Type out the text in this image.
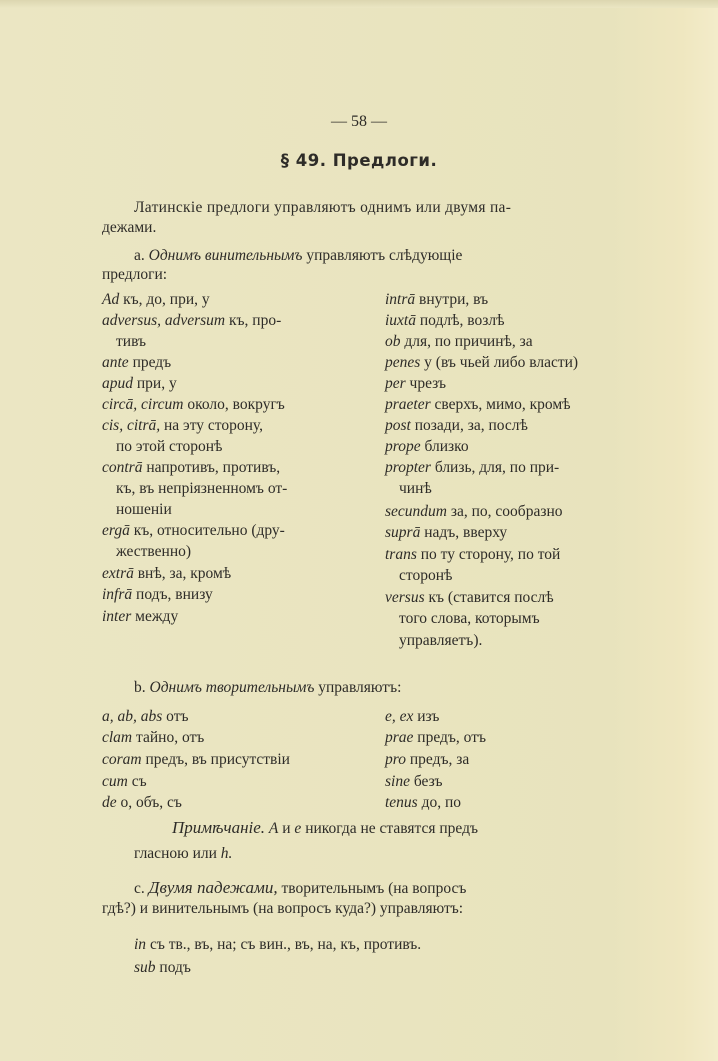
— 58 —
§ 49. Предлоги.
Латинскіе предлоги управляютъ однимъ или двумя па-
дежами.
a. Однимъ винительнымъ управляютъ слѣдующіе
предлоги:
Ad къ, до, при, у
adversus, adversum къ, про-
тивъ
ante предъ
apud при, у
circā, circum около, вокругъ
cis, citrā, на эту сторону,
по этой сторонѣ
contrā напротивъ, противъ,
къ, въ непріязненномъ от-
ношеніи
ergā къ, относительно (дру-
жественно)
extrā внѣ, за, кромѣ
infrā подъ, внизу
inter между
intrā внутри, въ
iuxtā подлѣ, возлѣ
ob для, по причинѣ, за
penes у (въ чьей либо власти)
per чрезъ
praeter сверхъ, мимо, кромѣ
post позади, за, послѣ
prope близко
propter близь, для, по при-
чинѣ
secundum за, по, сообразно
suprā надъ, вверху
trans по ту сторону, по той
сторонѣ
versus къ (ставится послѣ
того слова, которымъ
управляетъ).
b. Однимъ творительнымъ управляютъ:
a, ab, abs отъ
clam тайно, отъ
coram предъ, въ присутствіи
cum съ
de о, объ, съ
e, ex изъ
prae предъ, отъ
pro предъ, за
sine безъ
tenus до, по
Примѣчаніе. A и e никогда не ставятся предъ
гласною или h.
c. Двумя падежами, творительнымъ (на вопросъ
гдѣ?) и винительнымъ (на вопросъ куда?) управляютъ:
in съ тв., въ, на; съ вин., въ, на, къ, противъ.
sub подъ
